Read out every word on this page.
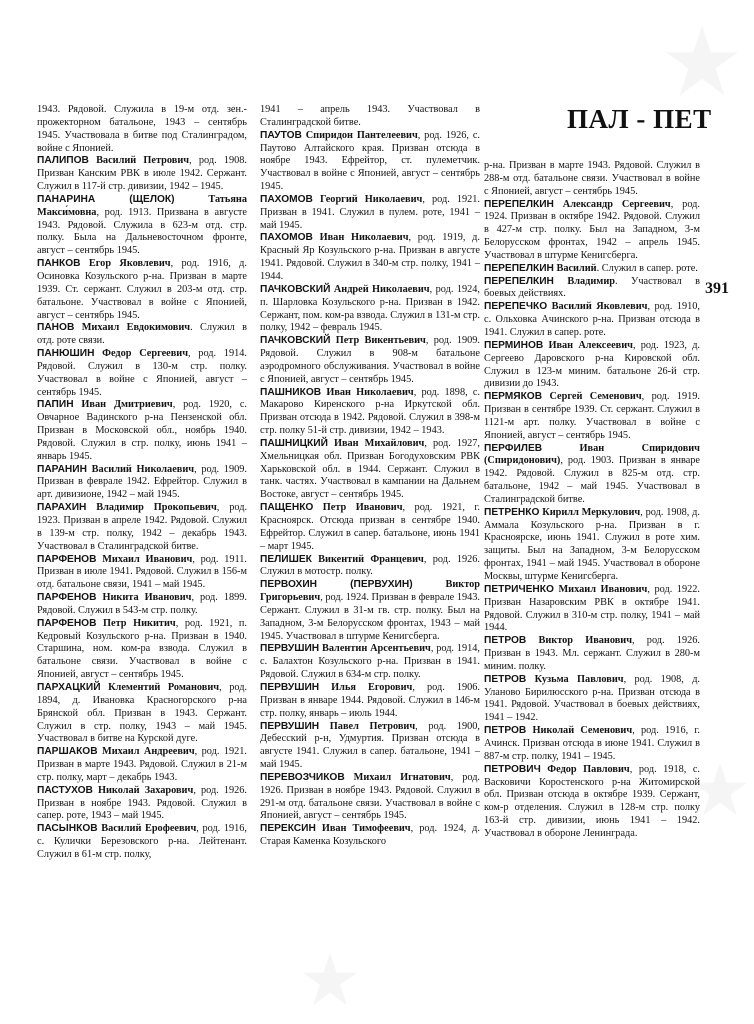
ПАЛ - ПЕТ
391

1943. Рядовой. Служила в 19-м отд. зен.-прожекторном батальоне, 1943 – сентябрь 1945. Участвовала в битве под Сталинградом, войне с Японией.

ПАЛИПОВ Василий Петрович, род. 1908. Призван Канским РВК в июле 1942. Сержант. Служил в 117-й стр. дивизии, 1942 – 1945.

ПАНАРИНА (ЩЕЛОК)	Татьяна Макси́мовна, род. 1913. Призвана в августе 1943. Рядовой. Служила в 623-м отд. стр. полку. Была на Дальневосточном фронте, август – сентябрь 1945.

ПАНКОВ Егор Яковлевич, род. 1916, д. Осиновка Козульского р-на. Призван в марте 1939. Ст. сержант. Служил в 203-м отд. стр. батальоне. Участвовал в войне с Японией, август – сентябрь 1945.

ПАНОВ Михаил Евдокимович. Служил в отд. роте связи.

ПАНЮШИН Федор Сергеевич, род. 1914. Рядовой. Служил в 130-м стр. полку. Участвовал в войне с Японией, август – сентябрь 1945.

ПАПИН Иван Дмитриевич, род. 1920, с. Овчарное Вадинского р-на Пензенской обл. Призван в Московской обл., ноябрь 1940. Рядовой. Служил в стр. полку, июнь 1941 – январь 1945.

ПАРАНИН Василий Николаевич, род. 1909. Призван в феврале 1942. Ефрейтор. Служил в арт. дивизионе, 1942 – май 1945.

ПАРАХИН Владимир Прокопьевич, род. 1923. Призван в апреле 1942. Рядовой. Служил в 139-м стр. полку, 1942 – декабрь 1943. Участвовал в Сталинградской битве.

ПАРФЕНОВ Михаил Иванович, род. 1911. Призван в июле 1941. Рядовой. Служил в 156-м отд. батальоне связи, 1941 – май 1945.

ПАРФЕНОВ Никита Иванович, род. 1899. Рядовой. Служил в 543-м стр. полку.

ПАРФЕНОВ Петр Никитич, род. 1921, п. Кедровый Козульского р-на. Призван в 1940. Старшина, ном. ком-ра взвода. Служил в батальоне связи. Участвовал в войне с Японией, август – сентябрь 1945.

ПАРХАЦКИЙ Клементий Романович, род. 1894, д. Ивановка Красногорского р-на Брянской обл. Призван в 1943. Сержант. Служил в стр. полку, 1943 – май 1945. Участвовал в битве на Курской дуге.

ПАРШАКОВ Михаил Андреевич, род. 1921. Призван в марте 1943. Рядовой. Служил в 21-м стр. полку, март – декабрь 1943.

ПАСТУХОВ Николай Захарович, род. 1926. Призван в ноябре 1943. Рядовой. Служил в сапер. роте, 1943 – май 1945.

ПАСЫНКОВ Василий Ерофеевич, род. 1916, с. Кулички Березовского р-на. Лейтенант. Служил в 61-м стр. полку,

1941 – апрель 1943. Участвовал в Сталинградской битве.

ПАУТОВ Спиридон Пантелеевич, род. 1926, с. Паутово Алтайского края. Призван отсюда в ноябре 1943. Ефрейтор, ст. пулеметчик. Участвовал в войне с Японией, август – сентябрь 1945.

ПАХОМОВ Георгий Николаевич, род. 1921. Призван в 1941. Служил в пулем. роте, 1941 – май 1945.

ПАХОМОВ Иван Николаевич, род. 1919, д. Красный Яр Козульского р-на. Призван в августе 1941. Рядовой. Служил в 340-м стр. полку, 1941 – 1944.

ПАЧКОВСКИЙ Андрей Николаевич, род. 1924, п. Шарловка Козульского р-на. Призван в 1942. Сержант, пом. ком-ра взвода. Служил в 131-м стр. полку, 1942 – февраль 1945.

ПАЧКОВСКИЙ Петр Викентьевич, род. 1909. Рядовой. Служил в 908-м батальоне аэродромного обслуживания. Участвовал в войне с Японией, август – сентябрь 1945.

ПАШНИКОВ Иван Николаевич, род. 1898, с. Макарово Киренского р-на Иркутской обл. Призван отсюда в 1942. Рядовой. Служил в 398-м стр. полку 51-й стр. дивизии, 1942 – 1943.

ПАШНИЦКИЙ Иван Михайлович, род. 1927, Хмельницкая обл. Призван Богодуховским РВК Харьковской обл. в 1944. Сержант. Служил в танк. частях. Участвовал в кампании на Дальнем Востоке, август – сентябрь 1945.

ПАЩЕНКО Петр Иванович, род. 1921, г. Красноярск. Отсюда призван в сентябре 1940. Ефрейтор. Служил в сапер. батальоне, июнь 1941 – март 1945.

ПЕЛИШЕК Викентий Францевич, род. 1926. Служил в мотостр. полку.

ПЕРВОХИН (ПЕРВУХИН)	Виктор Григорьевич, род. 1924. Призван в феврале 1943. Сержант. Служил в 31-м гв. стр. полку. Был на Западном, 3-м Белорусском фронтах, 1943 – май 1945. Участвовал в штурме Кенигсберга.

ПЕРВУШИН Валентин Арсентьевич, род. 1914, с. Балахтон Козульского р-на. Призван в 1941. Рядовой. Служил в 634-м стр. полку.

ПЕРВУШИН Илья Егорович, род. 1906. Призван в январе 1944. Рядовой. Служил в 146-м стр. полку, январь – июль 1944.

ПЕРВУШИН Павел Петрович, род. 1900, Дебесский р-н, Удмуртия. Призван отсюда в августе 1941. Служил в сапер. батальоне, 1941 – май 1945.

ПЕРЕВОЗЧИКОВ Михаил Игнатович, род. 1926. Призван в ноябре 1943. Рядовой. Служил в 291-м отд. батальоне связи. Участвовал в войне с Японией, август – сентябрь 1945.

ПЕРЕКСИН Иван Тимофеевич, род. 1924, д. Старая Каменка Козульского

р-на. Призван в марте 1943. Рядовой. Служил в 288-м отд. батальоне связи. Участвовал в войне с Японией, август – сентябрь 1945.

ПЕРЕПЕЛКИН Александр Сергеевич, род. 1924. Призван в октябре 1942. Рядовой. Служил в 427-м стр. полку. Был на Западном, 3-м Белорусском фронтах, 1942 – апрель 1945. Участвовал в штурме Кенигсберга.

ПЕРЕПЕЛКИН Василий. Служил в сапер. роте.

ПЕРЕПЕЛКИН Владимир. Участвовал в боевых действиях.

ПЕРЕПЕЧКО Василий Яковлевич, род. 1910, с. Ольховка Ачинского р-на. Призван отсюда в 1941. Служил в сапер. роте.

ПЕРМИНОВ Иван Алексеевич, род. 1923, д. Сергеево Даровского р-на Кировской обл. Служил в 123-м миним. батальоне 26-й стр. дивизии до 1943.

ПЕРМЯКОВ Сергей Семенович, род. 1919. Призван в сентябре 1939. Ст. сержант. Служил в 1121-м арт. полку. Участвовал в войне с Японией, август – сентябрь 1945.

ПЕРФИЛЕВ	Иван Спиридович (Спиридонович), род. 1903. Призван в январе 1942. Рядовой. Служил в 825-м отд. стр. батальоне, 1942 – май 1945. Участвовал в Сталинградской битве.

ПЕТРЕНКО Кирилл Меркулович, род. 1908, д. Аммала Козульского р-на. Призван в г. Красноярске, июнь 1941. Служил в роте хим. защиты. Был на Западном, 3-м Белорусском фронтах, 1941 – май 1945. Участвовал в обороне Москвы, штурме Кенигсберга.

ПЕТРИЧЕНКО Михаил Иванович, род. 1922. Призван Назаровским РВК в октябре 1941. Рядовой. Служил в 310-м стр. полку, 1941 – май 1944.

ПЕТРОВ Виктор Иванович, род. 1926. Призван в 1943. Мл. сержант. Служил в 280-м миним. полку.

ПЕТРОВ Кузьма Павлович, род. 1908, д. Уланово Бирилюсского р-на. Призван отсюда в 1941. Рядовой. Участвовал в боевых действиях, 1941 – 1942.

ПЕТРОВ Николай Семенович, род. 1916, г. Ачинск. Призван отсюда в июне 1941. Служил в 887-м стр. полку, 1941 – 1945.

ПЕТРОВИЧ Федор Павлович, род. 1918, с. Васковичи Коростенского р-на Житомирской обл. Призван отсюда в октябре 1939. Сержант, ком-р отделения. Служил в 128-м стр. полку 163-й стр. дивизии, июнь 1941 – 1942. Участвовал в обороне Ленинграда.
